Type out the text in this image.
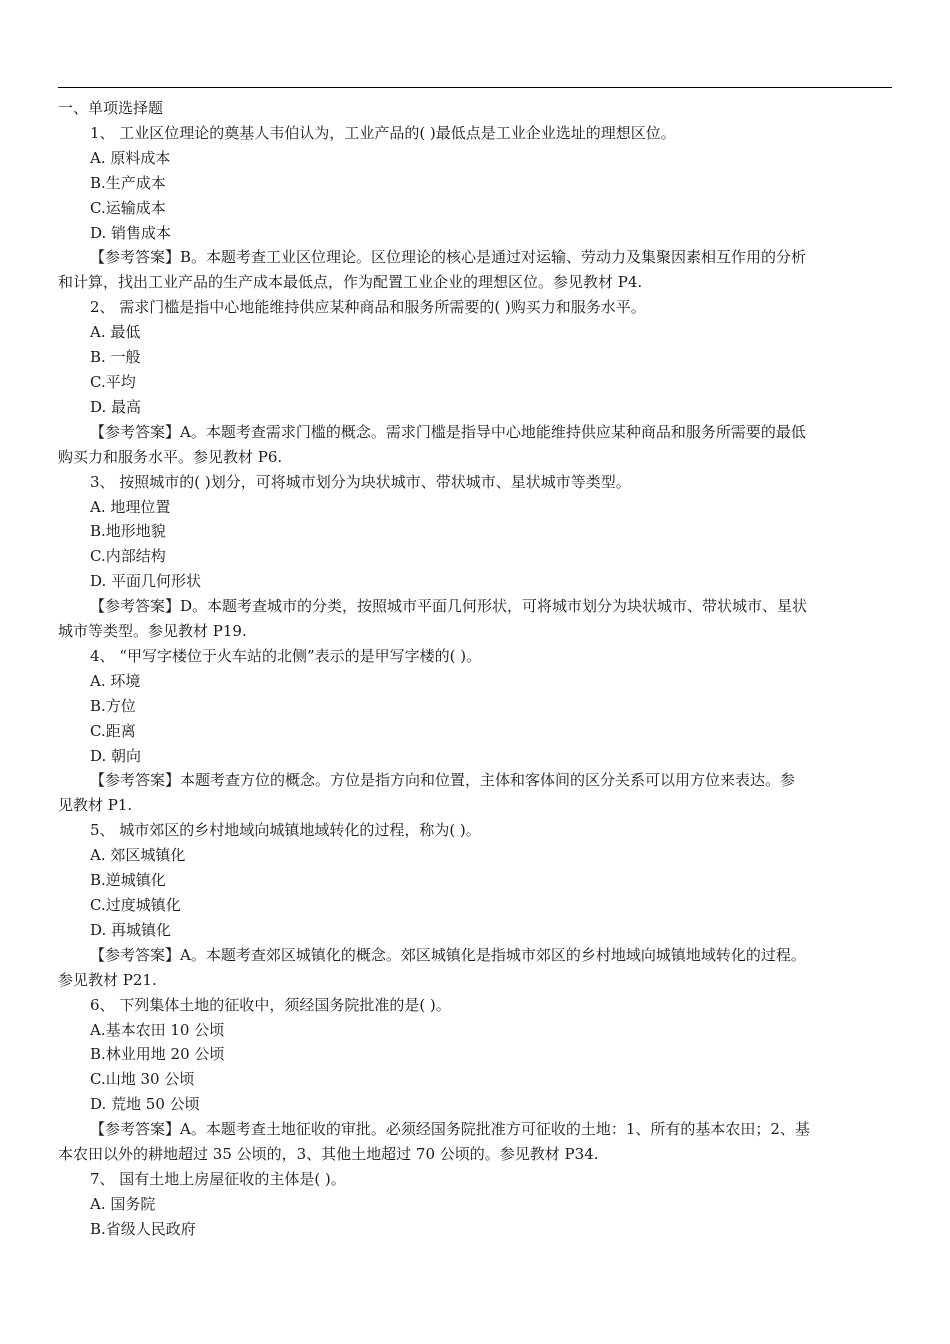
一、单项选择题
1、 工业区位理论的奠基人韦伯认为，工业产品的( )最低点是工业企业选址的理想区位。
A. 原料成本
B.生产成本
C.运输成本
D. 销售成本
【参考答案】B。本题考查工业区位理论。区位理论的核心是通过对运输、劳动力及集聚因素相互作用的分析
和计算，找出工业产品的生产成本最低点，作为配置工业企业的理想区位。参见教材 P4.
2、 需求门槛是指中心地能维持供应某种商品和服务所需要的( )购买力和服务水平。
A. 最低
B. 一般
C.平均
D. 最高
【参考答案】A。本题考查需求门槛的概念。需求门槛是指导中心地能维持供应某种商品和服务所需要的最低
购买力和服务水平。参见教材 P6.
3、 按照城市的( )划分，可将城市划分为块状城市、带状城市、星状城市等类型。
A. 地理位置
B.地形地貌
C.内部结构
D. 平面几何形状
【参考答案】D。本题考查城市的分类，按照城市平面几何形状，可将城市划分为块状城市、带状城市、星状
城市等类型。参见教材 P19.
4、 “甲写字楼位于火车站的北侧”表示的是甲写字楼的( )。
A. 环境
B.方位
C.距离
D. 朝向
【参考答案】本题考查方位的概念。方位是指方向和位置，主体和客体间的区分关系可以用方位来表达。参
见教材 P1.
5、 城市郊区的乡村地域向城镇地域转化的过程，称为( )。
A. 郊区城镇化
B.逆城镇化
C.过度城镇化
D. 再城镇化
【参考答案】A。本题考查郊区城镇化的概念。郊区城镇化是指城市郊区的乡村地域向城镇地域转化的过程。
参见教材 P21.
6、 下列集体土地的征收中，须经国务院批准的是( )。
A.基本农田 10 公顷
B.林业用地 20 公顷
C.山地 30 公顷
D. 荒地 50 公顷
【参考答案】A。本题考查土地征收的审批。必须经国务院批准方可征收的土地：1、所有的基本农田；2、基
本农田以外的耕地超过 35 公顷的，3、其他土地超过 70 公顷的。参见教材 P34.
7、 国有土地上房屋征收的主体是( )。
A. 国务院
B.省级人民政府
